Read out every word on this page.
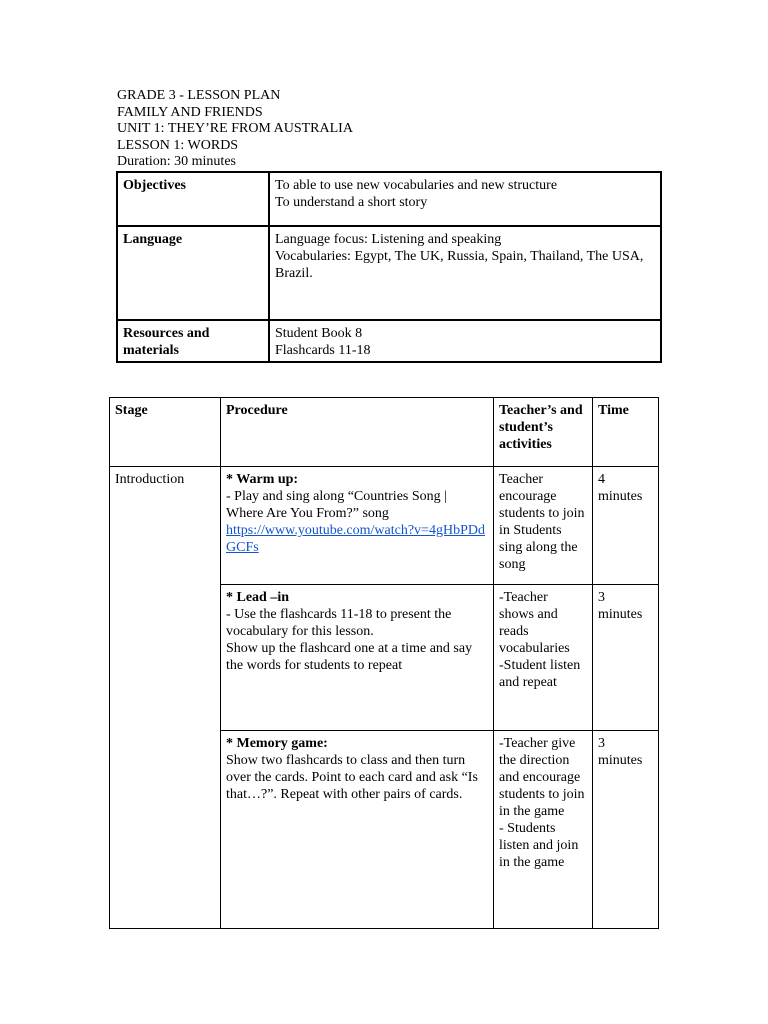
GRADE 3 - LESSON PLAN
FAMILY AND FRIENDS
UNIT 1: THEY’RE FROM AUSTRALIA
LESSON 1: WORDS
Duration: 30 minutes
Objectives	To able to use new vocabularies and new structure
To understand a short story

Language	Language focus: Listening and speaking
Vocabularies: Egypt, The UK, Russia, Spain, Thailand, The USA, Brazil.

Resources and materials	Student Book 8
Flashcards 11-18
Stage	Procedure	Teacher’s and student’s activities	Time
Introduction	* Warm up:
- Play and sing along “Countries Song | Where Are You From?” song
https://www.youtube.com/watch?v=4gHbPDdGCFs	Teacher encourage students to join in Students sing along the song	4 minutes

	* Lead –in
- Use the flashcards 11-18 to present the vocabulary for this lesson.
Show up the flashcard one at a time and say the words for students to repeat	-Teacher shows and reads vocabularies
-Student listen and repeat	3 minutes

	* Memory game:
Show two flashcards to class and then turn over the cards. Point to each card and ask “Is that…?”. Repeat with other pairs of cards.	-Teacher give the direction and encourage students to join in the game
- Students listen and join in the game	3 minutes
